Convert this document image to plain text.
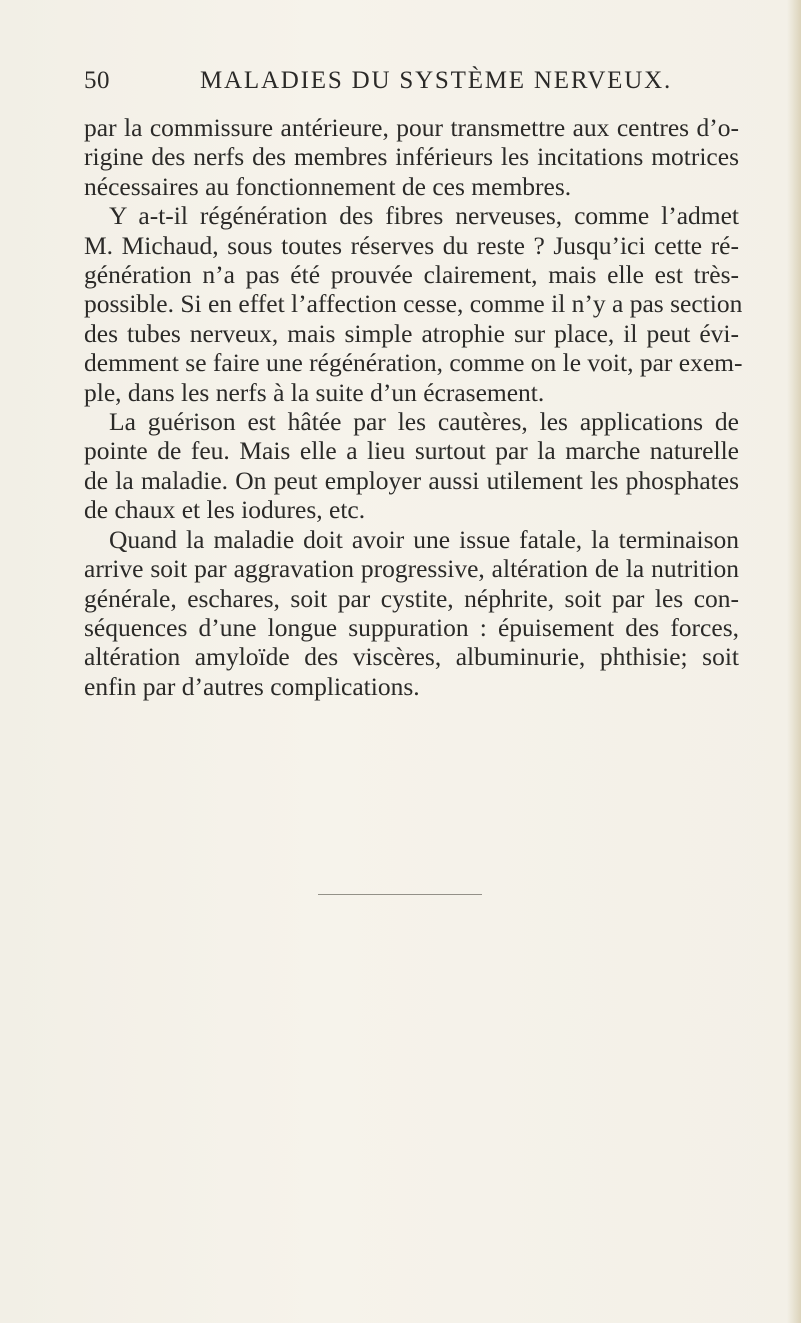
50	MALADIES DU SYSTÈME NERVEUX.
par la commissure antérieure, pour transmettre aux centres d’o-
rigine des nerfs des membres inférieurs les incitations motrices
nécessaires au fonctionnement de ces membres.
Y a-t-il régénération des fibres nerveuses, comme l’admet
M. Michaud, sous toutes réserves du reste ? Jusqu’ici cette ré-
génération n’a pas été prouvée clairement, mais elle est très-
possible. Si en effet l’affection cesse, comme il n’y a pas section
des tubes nerveux, mais simple atrophie sur place, il peut évi-
demment se faire une régénération, comme on le voit, par exem-
ple, dans les nerfs à la suite d’un écrasement.
La guérison est hâtée par les cautères, les applications de
pointe de feu. Mais elle a lieu surtout par la marche naturelle
de la maladie. On peut employer aussi utilement les phosphates
de chaux et les iodures, etc.
Quand la maladie doit avoir une issue fatale, la terminaison
arrive soit par aggravation progressive, altération de la nutrition
générale, eschares, soit par cystite, néphrite, soit par les con-
séquences d’une longue suppuration : épuisement des forces,
altération amyloïde des viscères, albuminurie, phthisie; soit
enfin par d’autres complications.
